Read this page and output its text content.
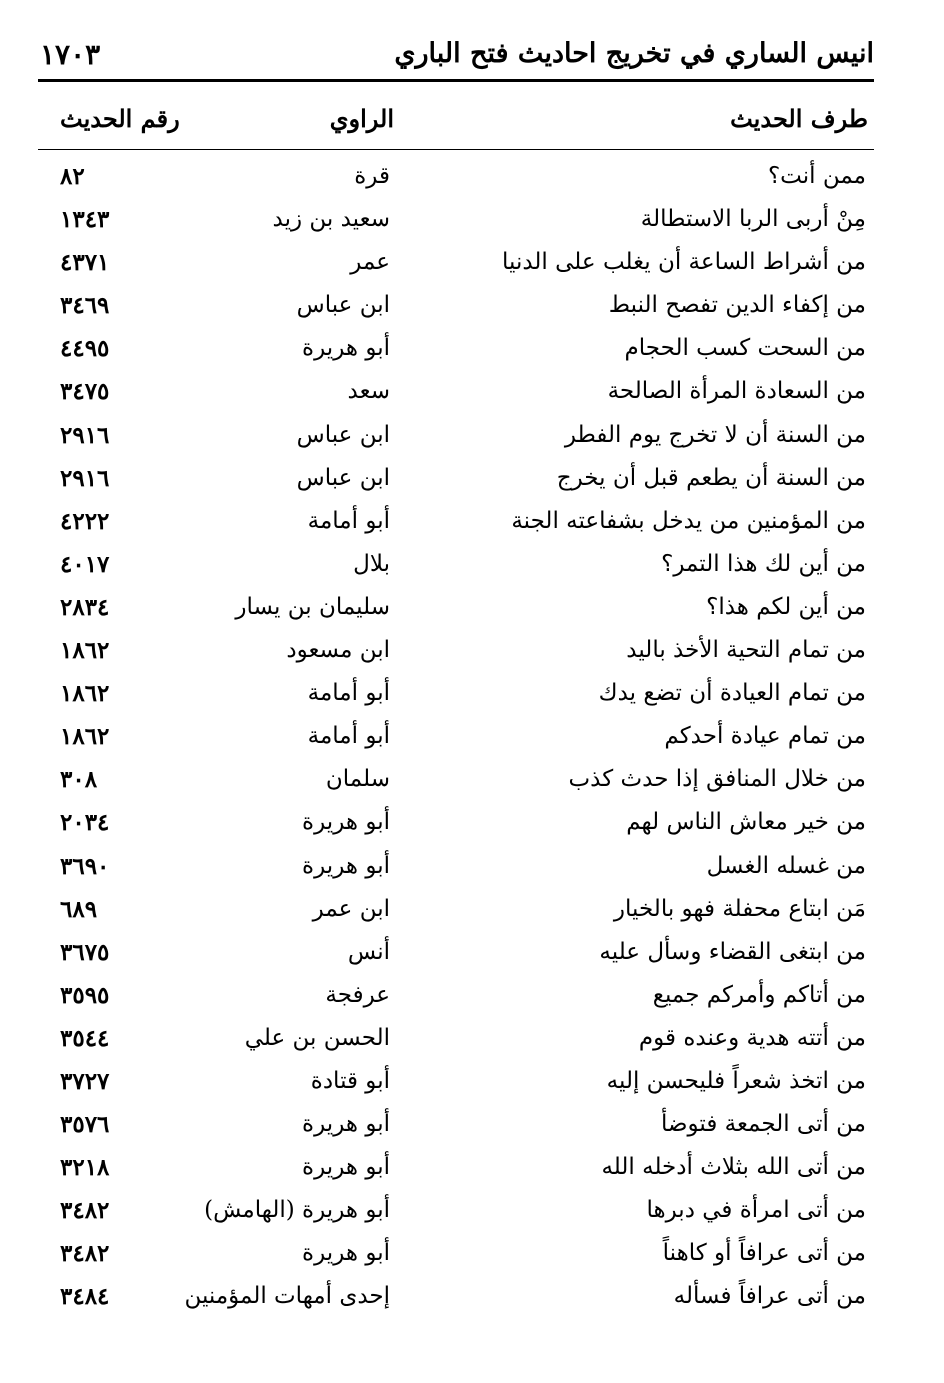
انيس الساري في تخريج احاديث فتح الباري
١٧٠٣
طرف الحديث
الراوي
رقم الحديث
ممن أنت؟
قرة
٨٢
مِنْ أربى الربا الاستطالة
سعيد بن زيد
١٣٤٣
من أشراط الساعة أن يغلب على الدنيا
عمر
٤٣٧١
من إكفاء الدين تفصح النبط
ابن عباس
٣٤٦٩
من السحت كسب الحجام
أبو هريرة
٤٤٩٥
من السعادة المرأة الصالحة
سعد
٣٤٧٥
من السنة أن لا تخرج يوم الفطر
ابن عباس
٢٩١٦
من السنة أن يطعم قبل أن يخرج
ابن عباس
٢٩١٦
من المؤمنين من يدخل بشفاعته الجنة
أبو أمامة
٤٢٢٢
من أين لك هذا التمر؟
بلال
٤٠١٧
من أين لكم هذا؟
سليمان بن يسار
٢٨٣٤
من تمام التحية الأخذ باليد
ابن مسعود
١٨٦٢
من تمام العيادة أن تضع يدك
أبو أمامة
١٨٦٢
من تمام عيادة أحدكم
أبو أمامة
١٨٦٢
من خلال المنافق إذا حدث كذب
سلمان
٣٠٨
من خير معاش الناس لهم
أبو هريرة
٢٠٣٤
من غسله الغسل
أبو هريرة
٣٦٩٠
مَن ابتاع محفلة فهو بالخيار
ابن عمر
٦٨٩
من ابتغى القضاء وسأل عليه
أنس
٣٦٧٥
من أتاكم وأمركم جميع
عرفجة
٣٥٩٥
من أتته هدية وعنده قوم
الحسن بن علي
٣٥٤٤
من اتخذ شعراً فليحسن إليه
أبو قتادة
٣٧٢٧
من أتى الجمعة فتوضأ
أبو هريرة
٣٥٧٦
من أتى الله بثلاث أدخله الله
أبو هريرة
٣٢١٨
من أتى امرأة في دبرها
أبو هريرة (الهامش)
٣٤٨٢
من أتى عرافاً أو كاهناً
أبو هريرة
٣٤٨٢
من أتى عرافاً فسأله
إحدى أمهات المؤمنين
٣٤٨٤
